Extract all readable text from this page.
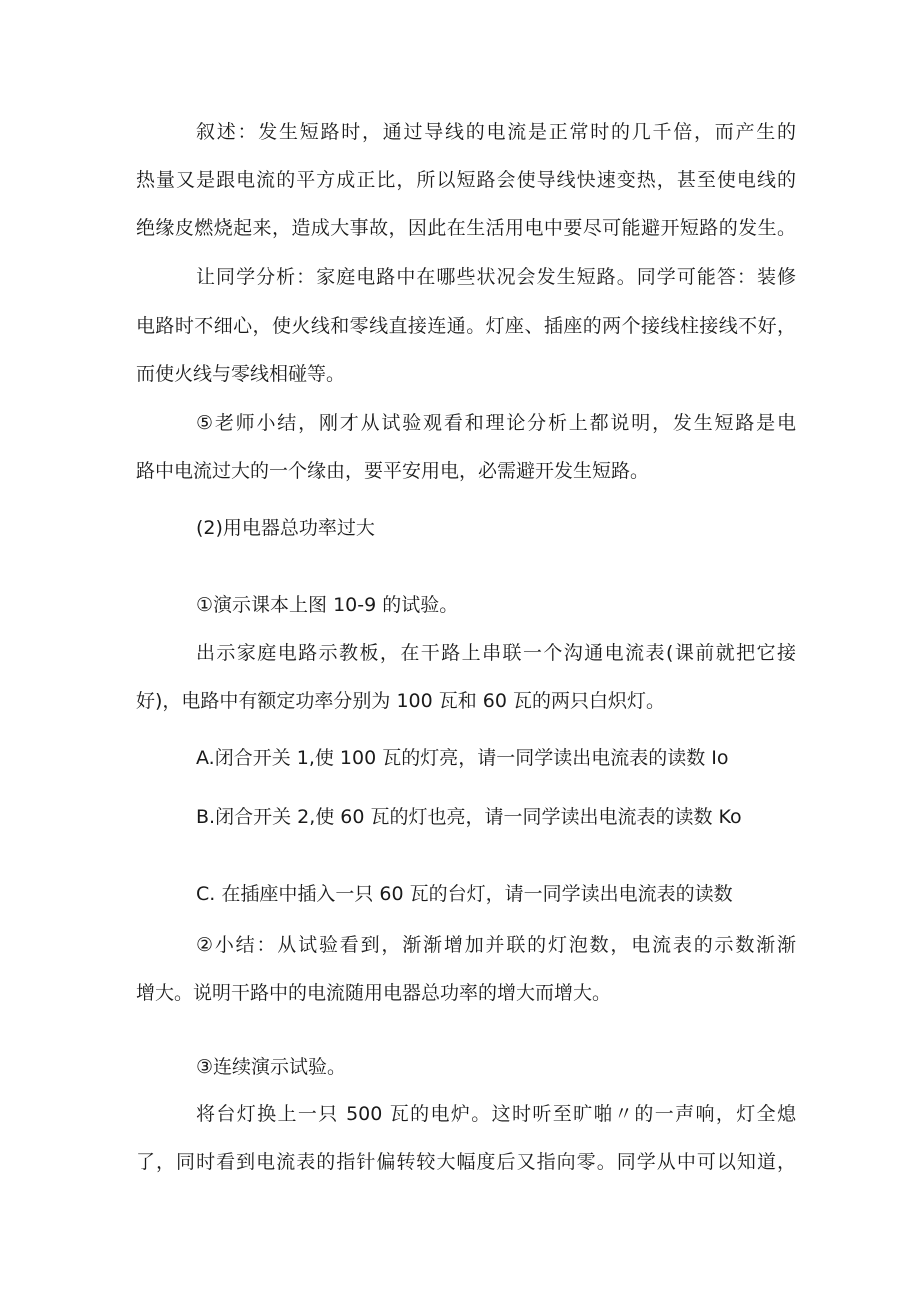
叙述：发生短路时，通过导线的电流是正常时的几千倍，而产生的
热量又是跟电流的平方成正比，所以短路会使导线快速变热，甚至使电线的
绝缘皮燃烧起来，造成大事故，因此在生活用电中要尽可能避开短路的发生。
让同学分析：家庭电路中在哪些状况会发生短路。同学可能答：装修
电路时不细心，使火线和零线直接连通。灯座、插座的两个接线柱接线不好，
而使火线与零线相碰等。
⑤老师小结，刚才从试验观看和理论分析上都说明，发生短路是电
路中电流过大的一个缘由，要平安用电，必需避开发生短路。
(2)用电器总功率过大
①演示课本上图 10-9 的试验。
出示家庭电路示教板，在干路上串联一个沟通电流表(课前就把它接
好)，电路中有额定功率分别为 100 瓦和 60 瓦的两只白炽灯。
A.闭合开关 1,使 100 瓦的灯亮，请一同学读出电流表的读数 Io
B.闭合开关 2,使 60 瓦的灯也亮，请一同学读出电流表的读数 Ko
C. 在插座中插入一只 60 瓦的台灯，请一同学读出电流表的读数
②小结：从试验看到，渐渐增加并联的灯泡数，电流表的示数渐渐
增大。说明干路中的电流随用电器总功率的增大而增大。
③连续演示试验。
将台灯换上一只 500 瓦的电炉。这时听至旷啪〃的一声响，灯全熄
了，同时看到电流表的指针偏转较大幅度后又指向零。同学从中可以知道，
